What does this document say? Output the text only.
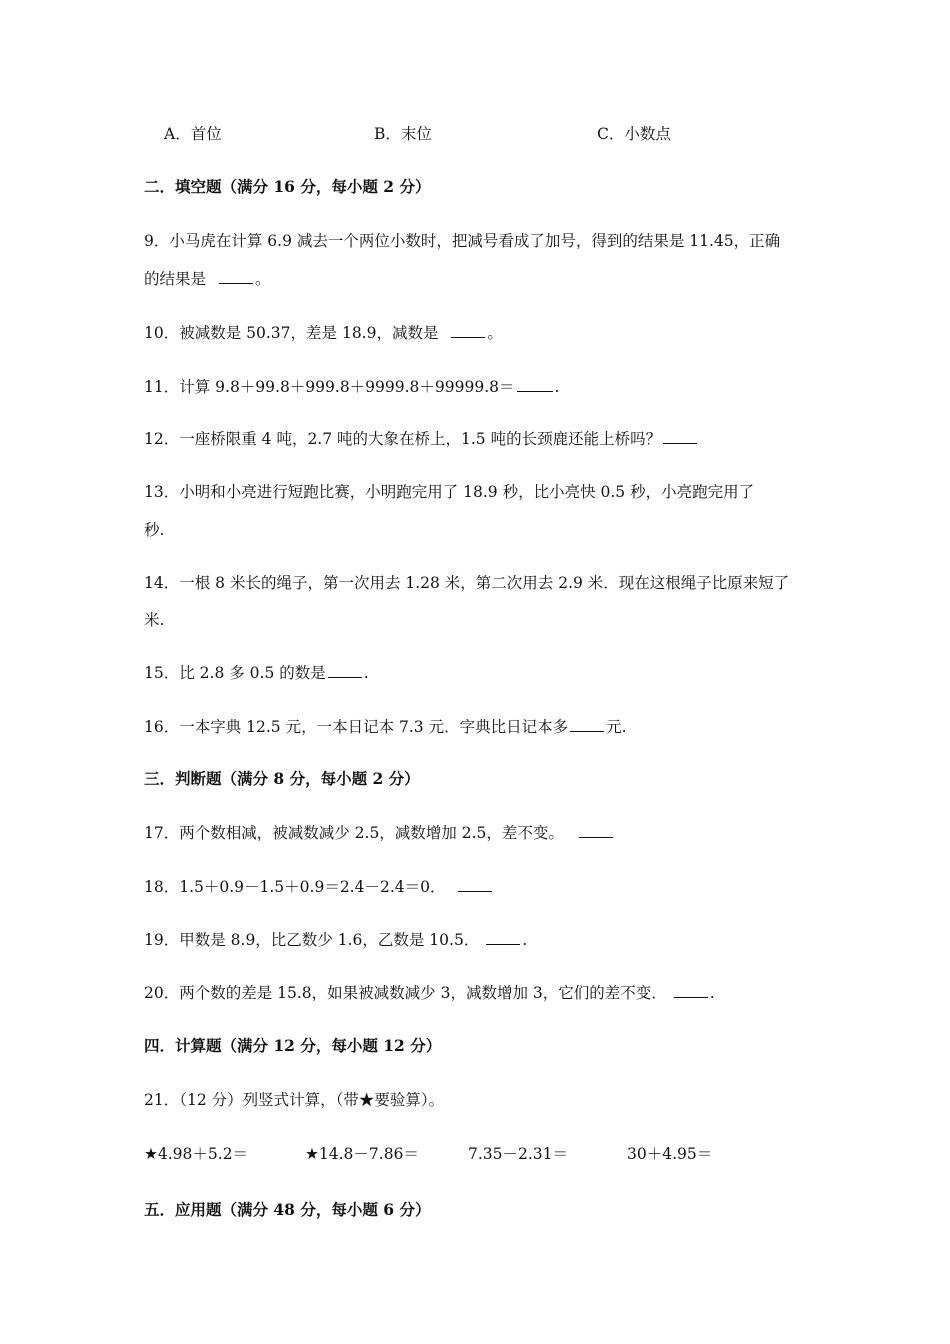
A．首位	B．末位	C．小数点
二．填空题（满分 16 分，每小题 2 分）
9．小马虎在计算 6.9 减去一个两位小数时，把减号看成了加号，得到的结果是 11.45，正确
的结果是	。
10．被减数是 50.37，差是 18.9，减数是	。
11．计算 9.8＋99.8＋999.8＋9999.8＋99999.8＝	.
12．一座桥限重 4 吨，2.7 吨的大象在桥上，1.5 吨的长颈鹿还能上桥吗？
13．小明和小亮进行短跑比赛，小明跑完用了 18.9 秒，比小亮快 0.5 秒，小亮跑完用了
秒.
14．一根 8 米长的绳子，第一次用去 1.28 米，第二次用去 2.9 米．现在这根绳子比原来短了
米.
15．比 2.8 多 0.5 的数是 .
16．一本字典 12.5 元，一本日记本 7.3 元．字典比日记本多 元.
三．判断题（满分 8 分，每小题 2 分）
17．两个数相减，被减数减少 2.5，减数增加 2.5，差不变。
18．1.5＋0.9－1.5＋0.9＝2.4－2.4＝0．
19．甲数是 8.9，比乙数少 1.6，乙数是 10.5．	.
20．两个数的差是 15.8，如果被减数减少 3，减数增加 3，它们的差不变．	.
四．计算题（满分 12 分，每小题 12 分）
21．（12 分）列竖式计算，（带★要验算）。
★4.98＋5.2＝	★14.8－7.86＝	7.35－2.31＝	30＋4.95＝
五．应用题（满分 48 分，每小题 6 分）
